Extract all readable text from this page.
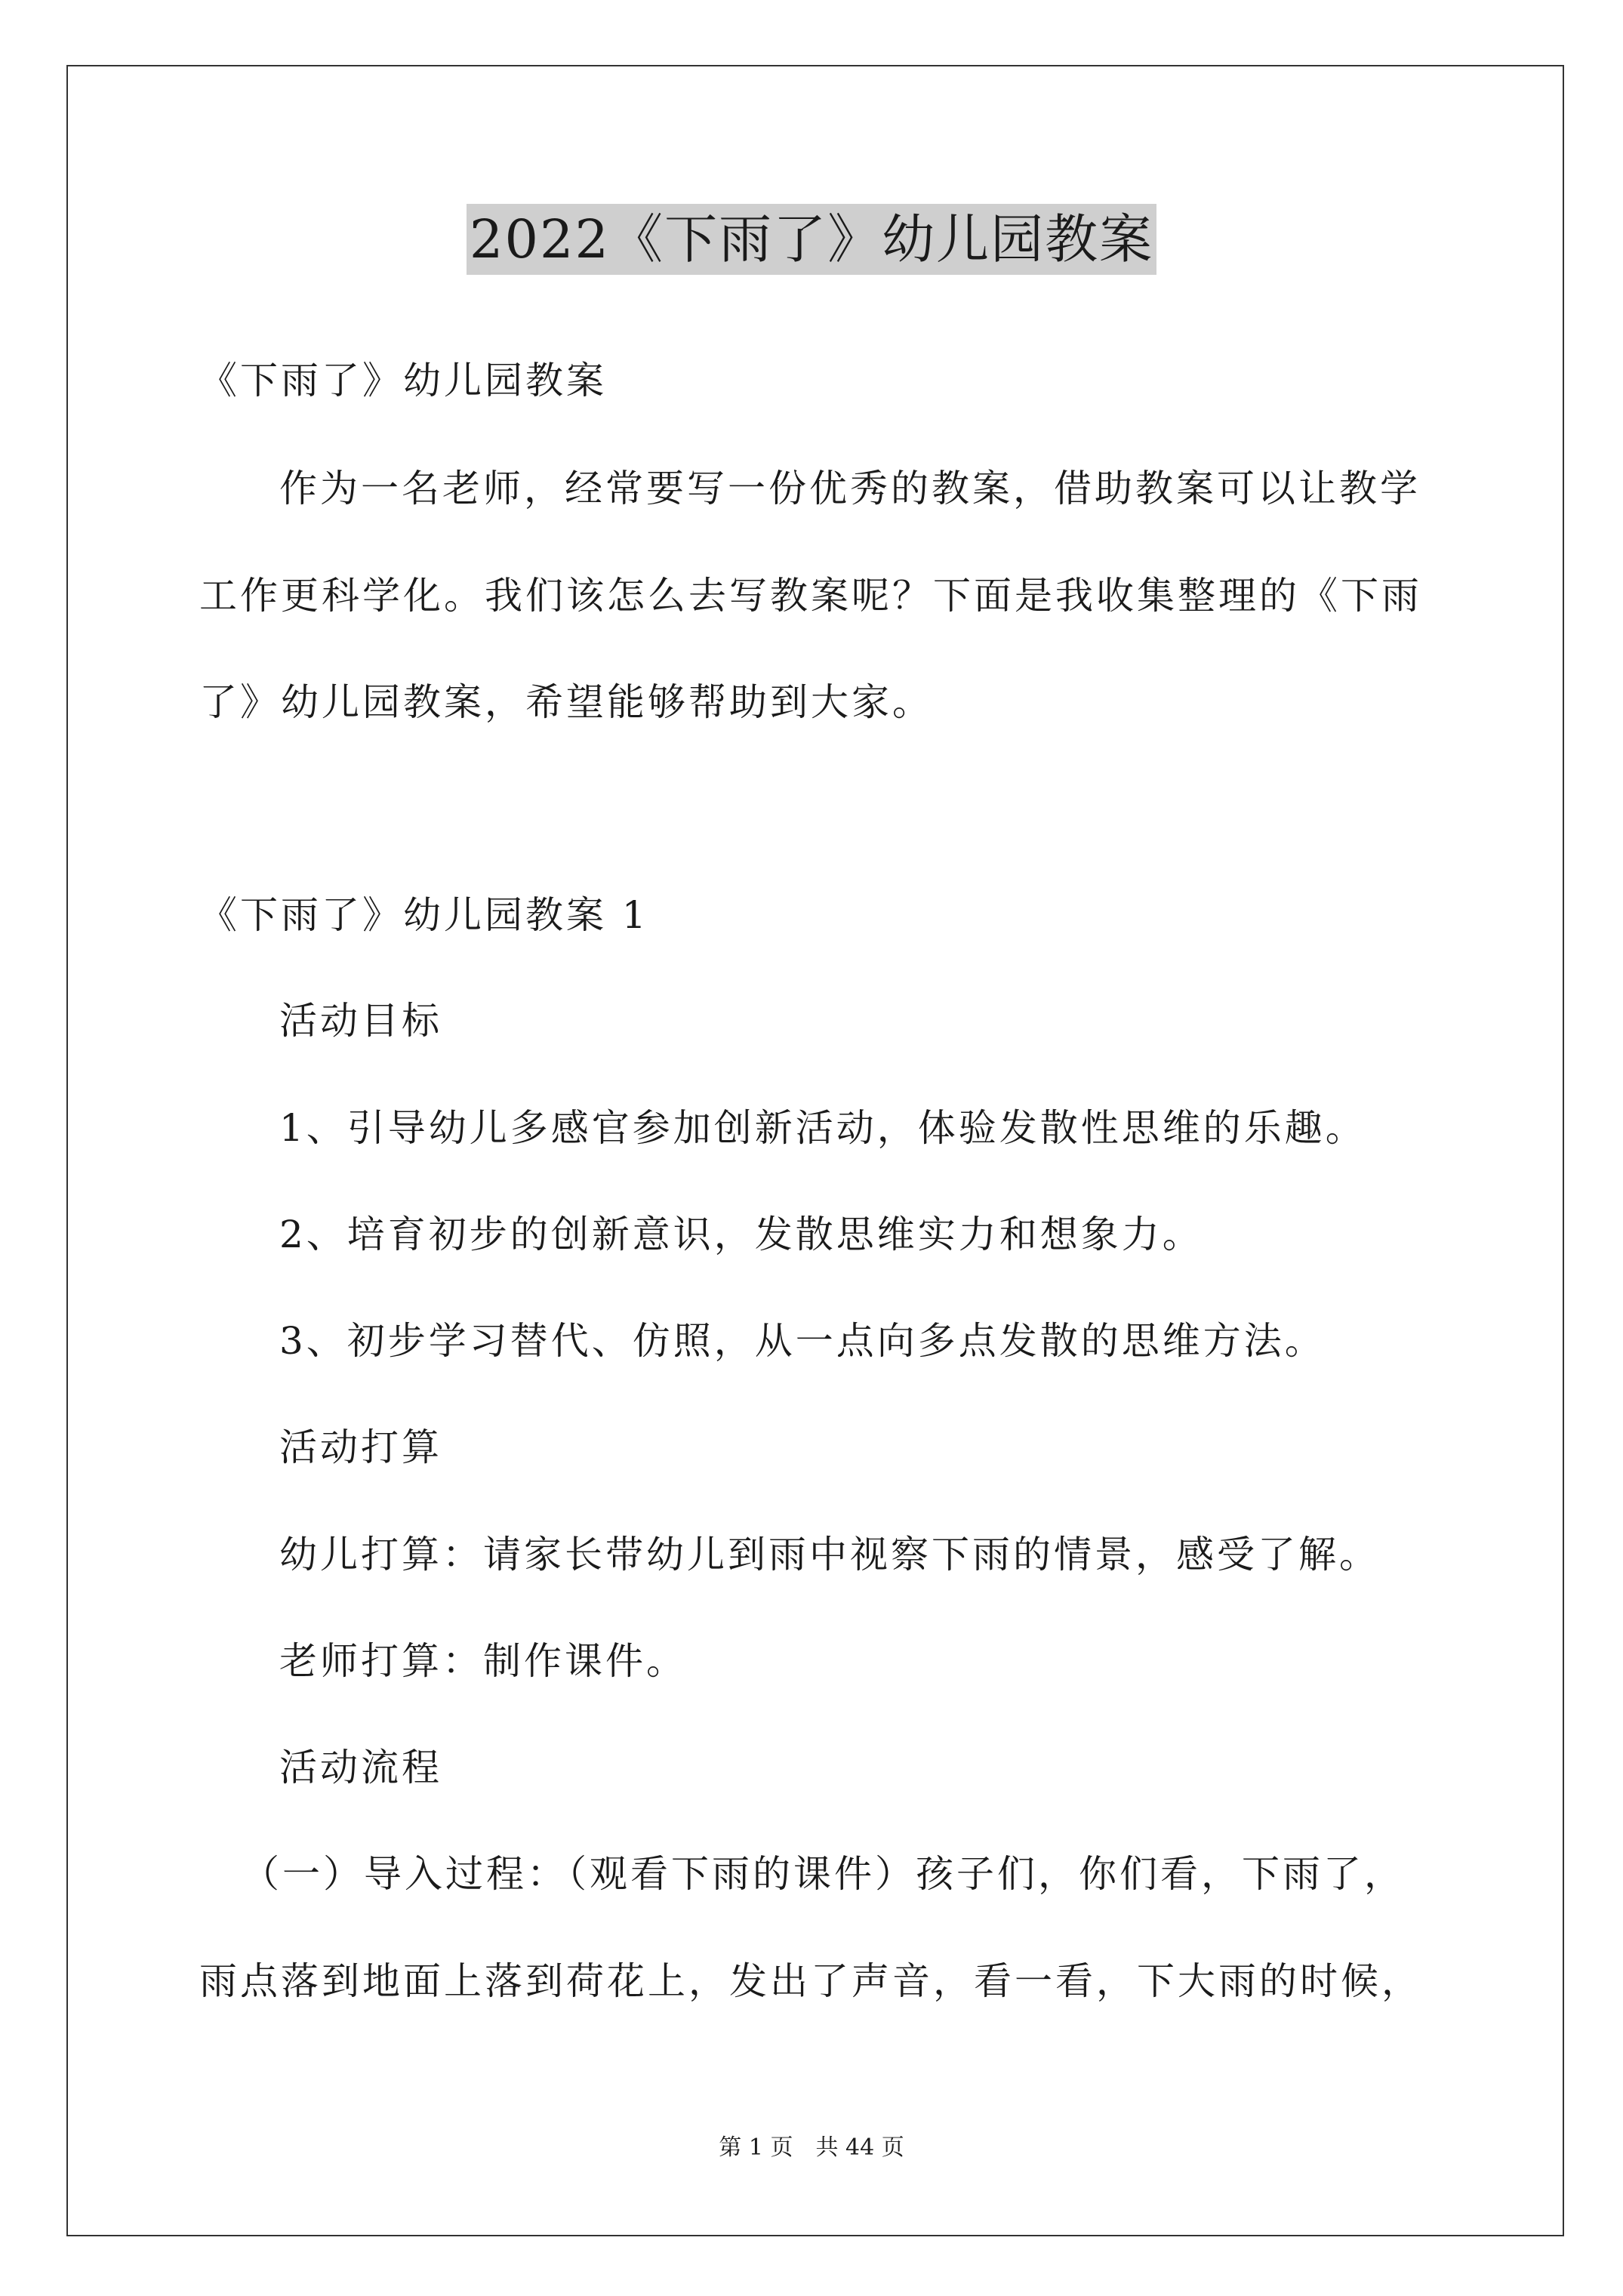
2022《下雨了》幼儿园教案
《下雨了》幼儿园教案
作为一名老师，经常要写一份优秀的教案，借助教案可以让教学
工作更科学化。我们该怎么去写教案呢？下面是我收集整理的《下雨
了》幼儿园教案，希望能够帮助到大家。
《下雨了》幼儿园教案 1
活动目标
1、引导幼儿多感官参加创新活动，体验发散性思维的乐趣。
2、培育初步的创新意识，发散思维实力和想象力。
3、初步学习替代、仿照，从一点向多点发散的思维方法。
活动打算
幼儿打算：请家长带幼儿到雨中视察下雨的情景，感受了解。
老师打算：制作课件。
活动流程
（一）导入过程：（观看下雨的课件）孩子们，你们看，下雨了，
雨点落到地面上落到荷花上，发出了声音，看一看，下大雨的时候，
第 1 页　共 44 页
